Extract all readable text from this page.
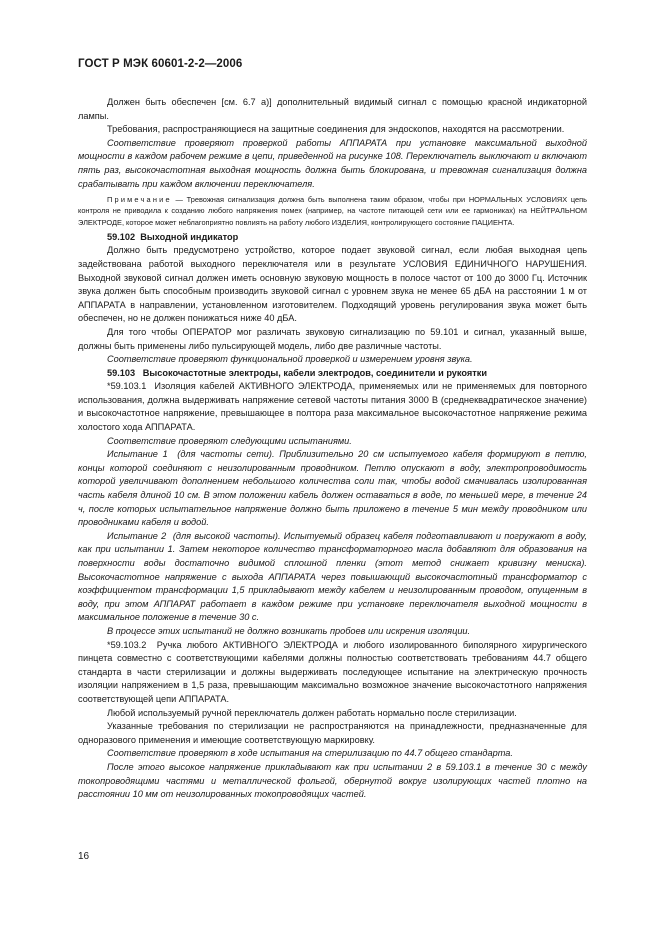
ГОСТ Р МЭК 60601-2-2—2006

Должен быть обеспечен [см. 6.7 а)] дополнительный видимый сигнал с помощью красной индикаторной лампы.

Требования, распространяющиеся на защитные соединения для эндоскопов, находятся на рассмотрении.

Соответствие проверяют проверкой работы АППАРАТА при установке максимальной выходной мощности в каждом рабочем режиме в цепи, приведенной на рисунке 108. Переключатель выключают и включают пять раз, высокочастотная выходная мощность должна быть блокирована, и тревожная сигнализация должна срабатывать при каждом включении переключателя.

Примечание — Тревожная сигнализация должна быть выполнена таким образом, чтобы при НОРМАЛЬНЫХ УСЛОВИЯХ цепь контроля не приводила к созданию любого напряжения помех (например, на частоте питающей сети или ее гармониках) на НЕЙТРАЛЬНОМ ЭЛЕКТРОДЕ, которое может неблагоприятно повлиять на работу любого ИЗДЕЛИЯ, контролирующего состояние ПАЦИЕНТА.

59.102 Выходной индикатор

Должно быть предусмотрено устройство, которое подает звуковой сигнал, если любая выходная цепь задействована работой выходного переключателя или в результате УСЛОВИЯ ЕДИНИЧНОГО НАРУШЕНИЯ. Выходной звуковой сигнал должен иметь основную звуковую мощность в полосе частот от 100 до 3000 Гц. Источник звука должен быть способным производить звуковой сигнал с уровнем звука не менее 65 дБА на расстоянии 1 м от АППАРАТА в направлении, установленном изготовителем. Подходящий уровень регулирования звука может быть обеспечен, но не должен понижаться ниже 40 дБА.

Для того чтобы ОПЕРАТОР мог различать звуковую сигнализацию по 59.101 и сигнал, указанный выше, должны быть применены либо пульсирующей модель, либо две различные частоты.

Соответствие проверяют функциональной проверкой и измерением уровня звука.

59.103 Высокочастотные электроды, кабели электродов, соединители и рукоятки

*59.103.1 Изоляция кабелей АКТИВНОГО ЭЛЕКТРОДА, применяемых или не применяемых для повторного использования, должна выдерживать напряжение сетевой частоты питания 3000 В (среднеквадратическое значение) и высокочастотное напряжение, превышающее в полтора раза максимальное высокочастотное напряжение режима холостого хода АППАРАТА.

Соответствие проверяют следующими испытаниями.

Испытание 1 (для частоты сети). Приблизительно 20 см испытуемого кабеля формируют в петлю, концы которой соединяют с неизолированным проводником. Петлю опускают в воду, электропроводимость которой увеличивают дополнением небольшого количества соли так, чтобы водой смачивалась изолированная часть кабеля длиной 10 см. В этом положении кабель должен оставаться в воде, по меньшей мере, в течение 24 ч, после которых испытательное напряжение должно быть приложено в течение 5 мин между проводником или проводниками кабеля и водой.

Испытание 2 (для высокой частоты). Испытуемый образец кабеля подготавливают и погружают в воду, как при испытании 1. Затем некоторое количество трансформаторного масла добавляют для образования на поверхности воды достаточно видимой сплошной пленки (этот метод снижает кривизну мениска). Высокочастотное напряжение с выхода АППАРАТА через повышающий высокочастотный трансформатор с коэффициентом трансформации 1,5 прикладывают между кабелем и неизолированным проводом, опущенным в воду, при этом АППАРАТ работает в каждом режиме при установке переключателя выходной мощности в максимальное положение в течение 30 с.

В процессе этих испытаний не должно возникать пробоев или искрения изоляции.

*59.103.2 Ручка любого АКТИВНОГО ЭЛЕКТРОДА и любого изолированного биполярного хирургического пинцета совместно с соответствующими кабелями должны полностью соответствовать требованиям 44.7 общего стандарта в части стерилизации и должны выдерживать последующее испытание на электрическую прочность изоляции напряжением в 1,5 раза, превышающим максимально возможное значение высокочастотного напряжения соответствующей цепи АППАРАТА.

Любой используемый ручной переключатель должен работать нормально после стерилизации.

Указанные требования по стерилизации не распространяются на принадлежности, предназначенные для одноразового применения и имеющие соответствующую маркировку.

Соответствие проверяют в ходе испытания на стерилизацию по 44.7 общего стандарта.

После этого высокое напряжение прикладывают как при испытании 2 в 59.103.1 в течение 30 с между токопроводящими частями и металлической фольгой, обернутой вокруг изолирующих частей плотно на расстоянии 10 мм от неизолированных токопроводящих частей.

16
